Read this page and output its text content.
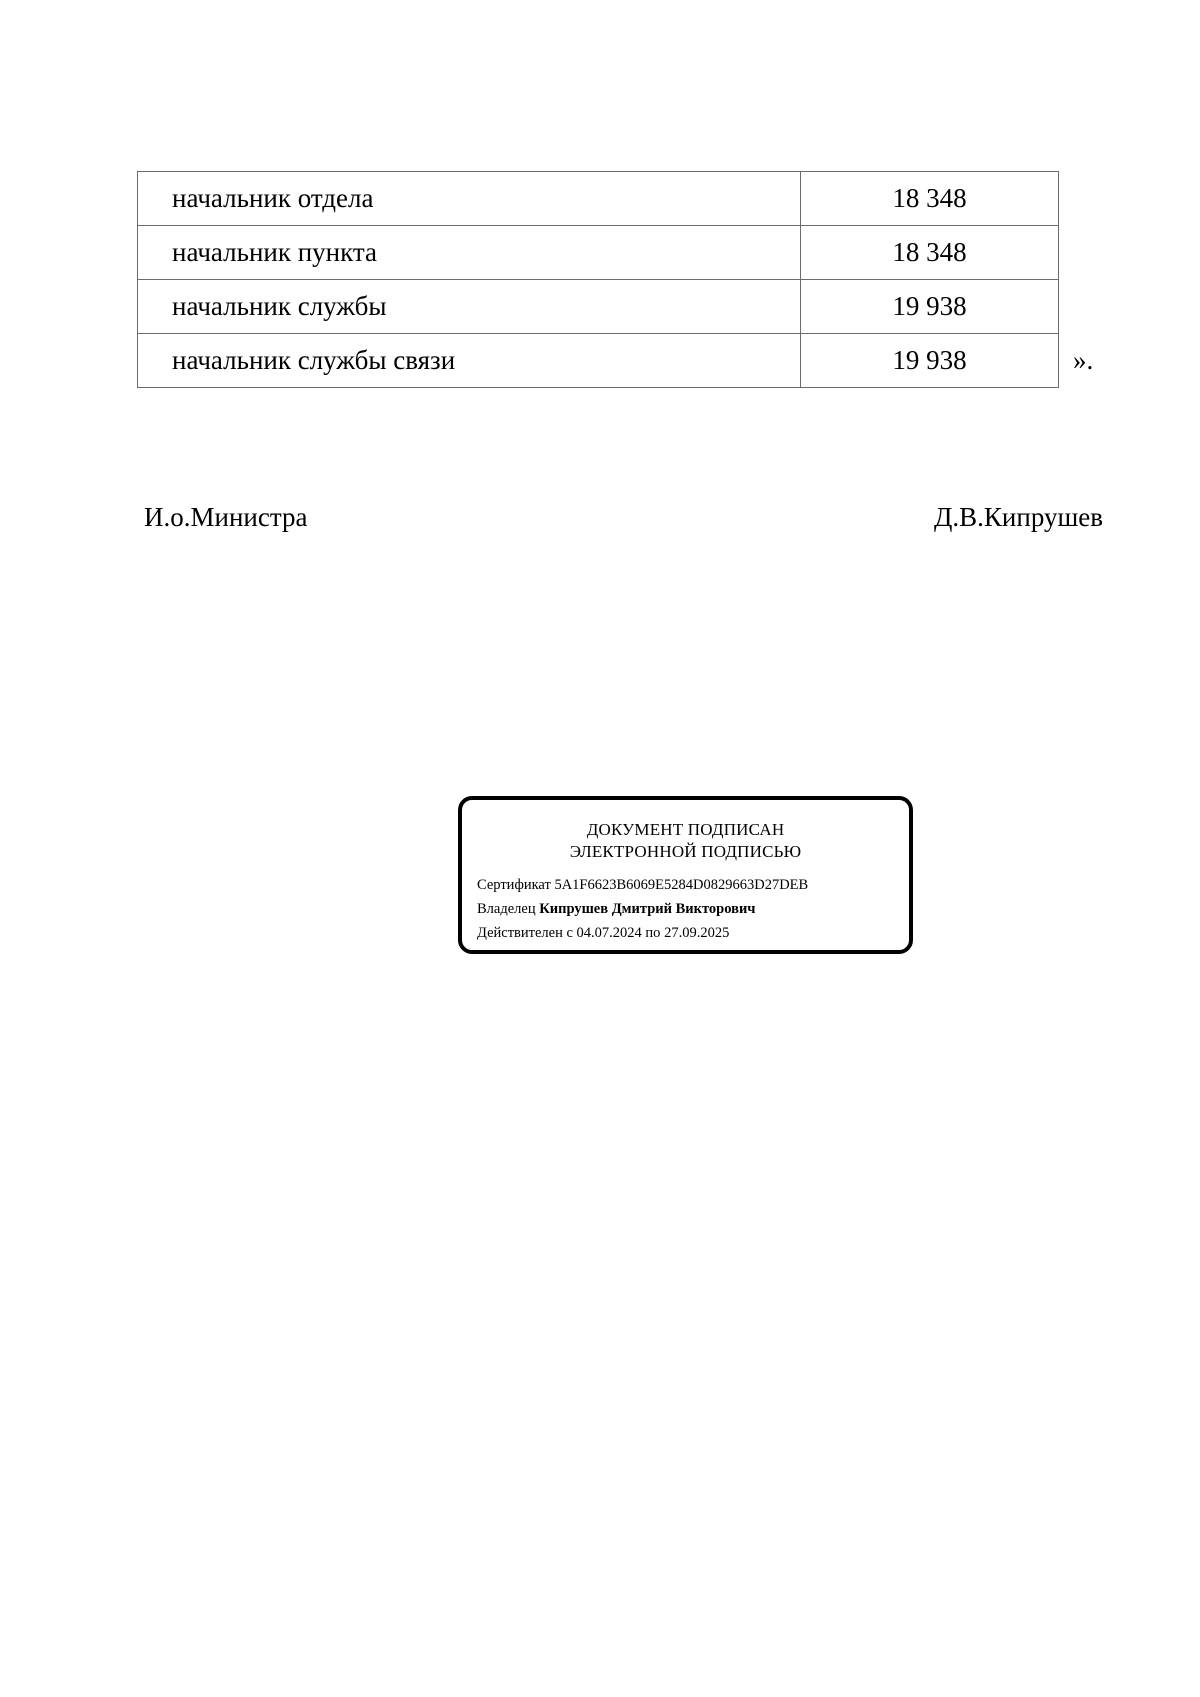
начальник отдела	18 348
начальник пункта	18 348
начальник службы	19 938
начальник службы связи	19 938	».
И.о.Министра	Д.В.Кипрушев
ДОКУМЕНТ ПОДПИСАН
ЭЛЕКТРОННОЙ ПОДПИСЬЮ
Сертификат 5A1F6623B6069E5284D0829663D27DEB
Владелец Кипрушев Дмитрий Викторович
Действителен с 04.07.2024 по 27.09.2025
